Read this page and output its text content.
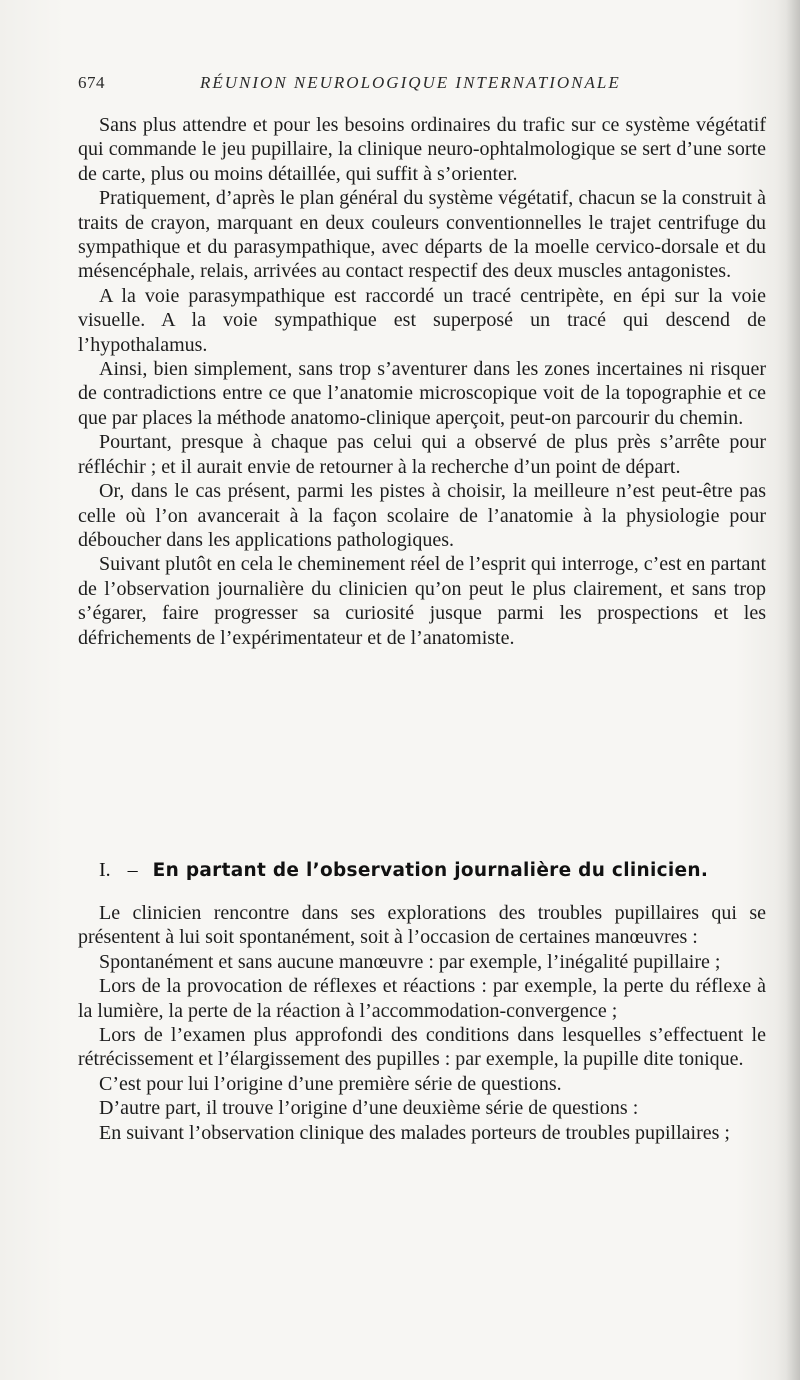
674	RÉUNION NEUROLOGIQUE INTERNATIONALE

Sans plus attendre et pour les besoins ordinaires du trafic sur ce système végétatif qui commande le jeu pupillaire, la clinique neuro-ophtalmologique se sert d’une sorte de carte, plus ou moins détaillée, qui suffit à s’orienter.

Pratiquement, d’après le plan général du système végétatif, chacun se la construit à traits de crayon, marquant en deux couleurs conventionnelles le trajet centrifuge du sympathique et du parasympathique, avec départs de la moelle cervico-dorsale et du mésencéphale, relais, arrivées au contact respectif des deux muscles antagonistes.

A la voie parasympathique est raccordé un tracé centripète, en épi sur la voie visuelle. A la voie sympathique est superposé un tracé qui descend de l’hypothalamus.

Ainsi, bien simplement, sans trop s’aventurer dans les zones incertaines ni risquer de contradictions entre ce que l’anatomie microscopique voit de la topographie et ce que par places la méthode anatomo-clinique aperçoit, peut-on parcourir du chemin.

Pourtant, presque à chaque pas celui qui a observé de plus près s’arrête pour réfléchir ; et il aurait envie de retourner à la recherche d’un point de départ.

Or, dans le cas présent, parmi les pistes à choisir, la meilleure n’est peut-être pas celle où l’on avancerait à la façon scolaire de l’anatomie à la physiologie pour déboucher dans les applications pathologiques.

Suivant plutôt en cela le cheminement réel de l’esprit qui interroge, c’est en partant de l’observation journalière du clinicien qu’on peut le plus clairement, et sans trop s’égarer, faire progresser sa curiosité jusque parmi les prospections et les défrichements de l’expérimentateur et de l’anatomiste.

I. – En partant de l’observation journalière du clinicien.

Le clinicien rencontre dans ses explorations des troubles pupillaires qui se présentent à lui soit spontanément, soit à l’occasion de certaines manœuvres :

Spontanément et sans aucune manœuvre : par exemple, l’inégalité pupillaire ;

Lors de la provocation de réflexes et réactions : par exemple, la perte du réflexe à la lumière, la perte de la réaction à l’accommodation-convergence ;

Lors de l’examen plus approfondi des conditions dans lesquelles s’effectuent le rétrécissement et l’élargissement des pupilles : par exemple, la pupille dite tonique.

C’est pour lui l’origine d’une première série de questions.

D’autre part, il trouve l’origine d’une deuxième série de questions :

En suivant l’observation clinique des malades porteurs de troubles pupillaires ;
